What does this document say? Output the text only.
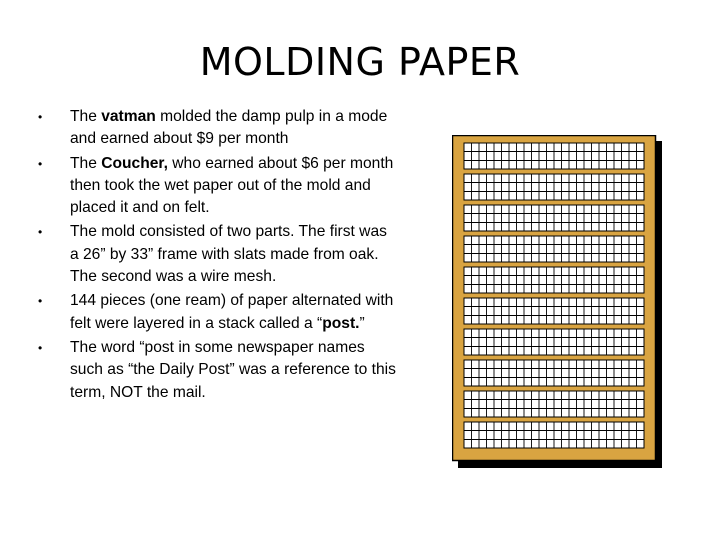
MOLDING PAPER
• The vatman molded the damp pulp in a mode and earned about $9 per month
• The Coucher, who earned about $6 per month then took the wet paper out of the mold and placed it and on felt.
• The mold consisted of two parts. The first was a 26” by 33” frame with slats made from oak. The second was a wire mesh.
• 144 pieces (one ream) of paper alternated with felt were layered in a stack called a “post.”
• The word “post in some newspaper names such as “the Daily Post” was a reference to this term, NOT the mail.
